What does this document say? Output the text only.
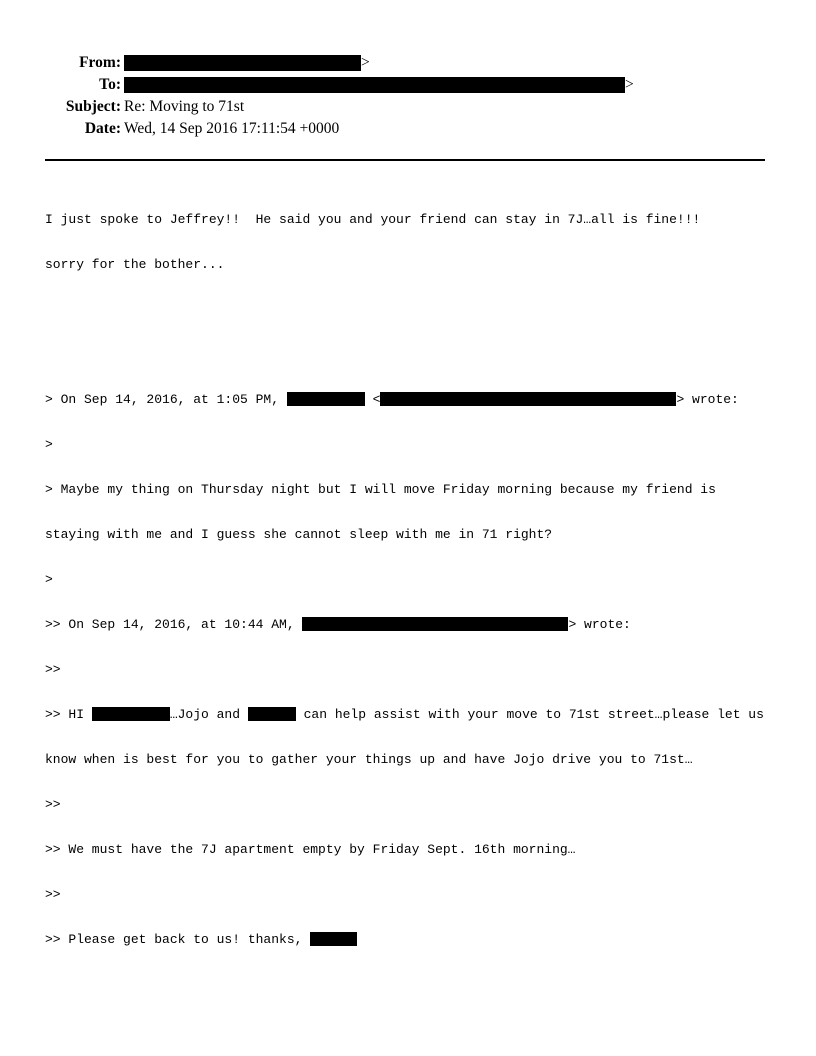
From:	>
To:	>
Subject: Re: Moving to 71st
Date: Wed, 14 Sep 2016 17:11:54 +0000

I just spoke to Jeffrey!!  He said you and your friend can stay in 7J…all is fine!!!

sorry for the bother...

> On Sep 14, 2016, at 1:05 PM,	<	> wrote:

>

> Maybe my thing on Thursday night but I will move Friday morning because my friend is

staying with me and I guess she cannot sleep with me in 71 right?

>

>> On Sep 14, 2016, at 10:44 AM,	> wrote:

>>

>> HI	…Jojo and	can help assist with your move to 71st street…please let us

know when is best for you to gather your things up and have Jojo drive you to 71st…

>>

>> We must have the 7J apartment empty by Friday Sept. 16th morning…

>>

>> Please get back to us! thanks,
